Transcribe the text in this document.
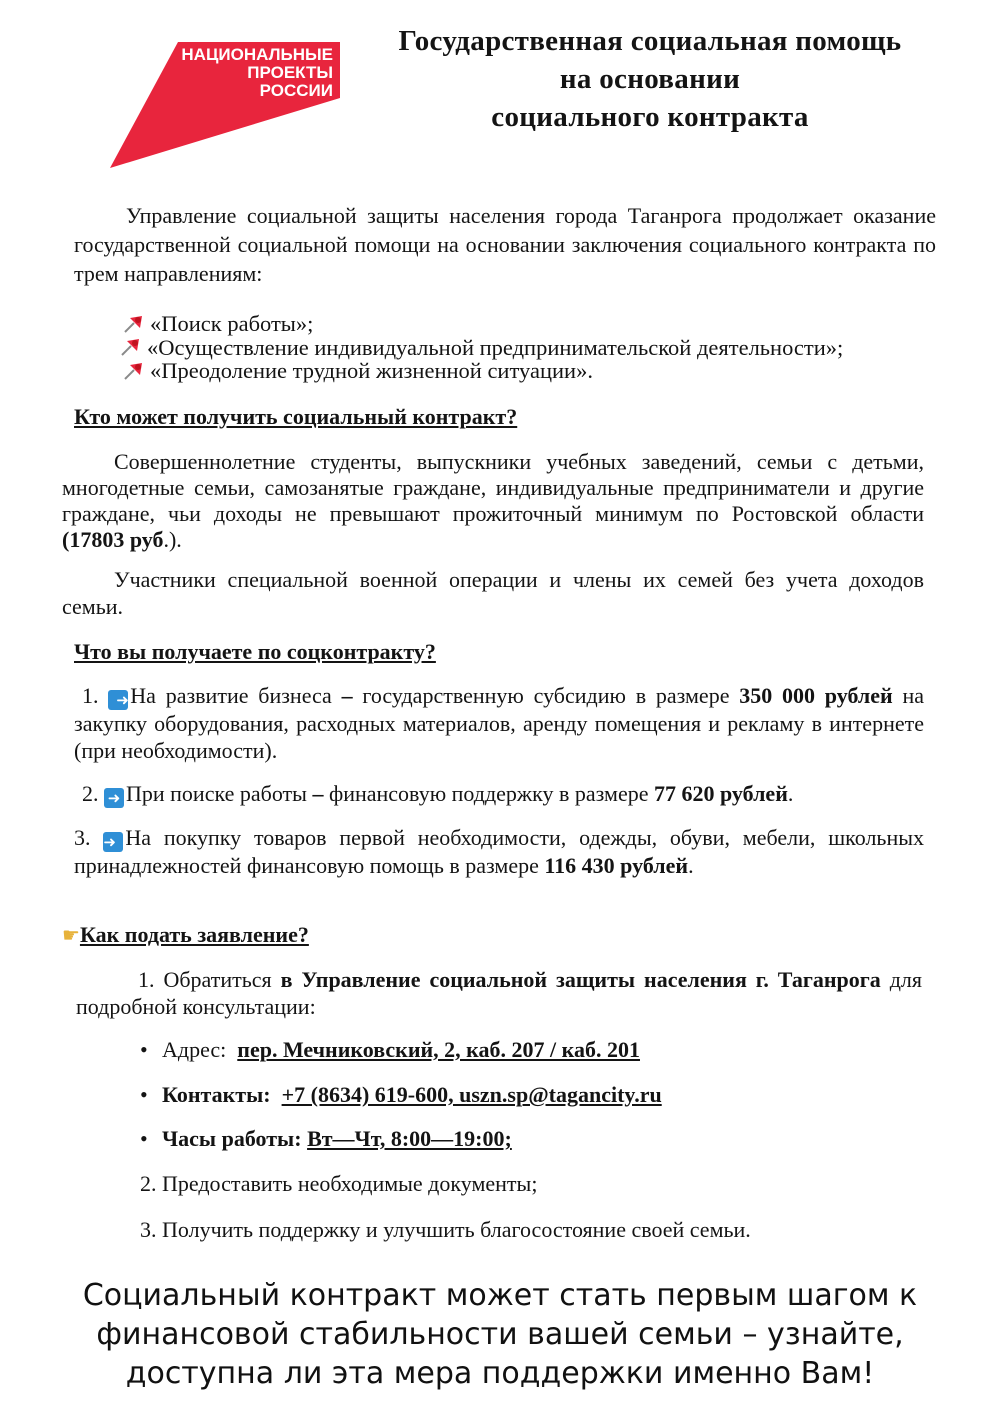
НАЦИОНАЛЬНЫЕ
ПРОЕКТЫ
РОССИИ
Государственная социальная помощь
на основании
социального контракта
Управление социальной защиты населения города Таганрога продолжает оказание государственной социальной помощи на основании заключения социального контракта по трем направлениям:
«Поиск работы»;
«Осуществление индивидуальной предпринимательской деятельности»;
«Преодоление трудной жизненной ситуации».
Кто может получить социальный контракт?
Совершеннолетние студенты, выпускники учебных заведений, семьи с детьми, многодетные семьи, самозанятые граждане, индивидуальные предприниматели и другие граждане, чьи доходы не превышают прожиточный минимум по Ростовской области (17803 руб.).
Участники специальной военной операции и члены их семей без учета доходов семьи.
Что вы получаете по соцконтракту?
1. ➜На развитие бизнеса – государственную субсидию в размере 350 000 рублей на закупку оборудования, расходных материалов, аренду помещения и рекламу в интернете (при необходимости).
2. ➜ При поиске работы – финансовую поддержку в размере 77 620 рублей.
3. ➜ На покупку товаров первой необходимости, одежды, обуви, мебели, школьных принадлежностей финансовую помощь в размере 116 430 рублей.
☛Как подать заявление?
1. Обратиться в Управление социальной защиты населения г. Таганрога для подробной консультации:
• Адрес: пер. Мечниковский, 2, каб. 207 / каб. 201
• Контакты: +7 (8634) 619-600, uszn.sp@tagancity.ru
• Часы работы: Вт—Чт, 8:00—19:00;
2. Предоставить необходимые документы;
3. Получить поддержку и улучшить благосостояние своей семьи.
Социальный контракт может стать первым шагом к
финансовой стабильности вашей семьи – узнайте,
доступна ли эта мера поддержки именно Вам!
